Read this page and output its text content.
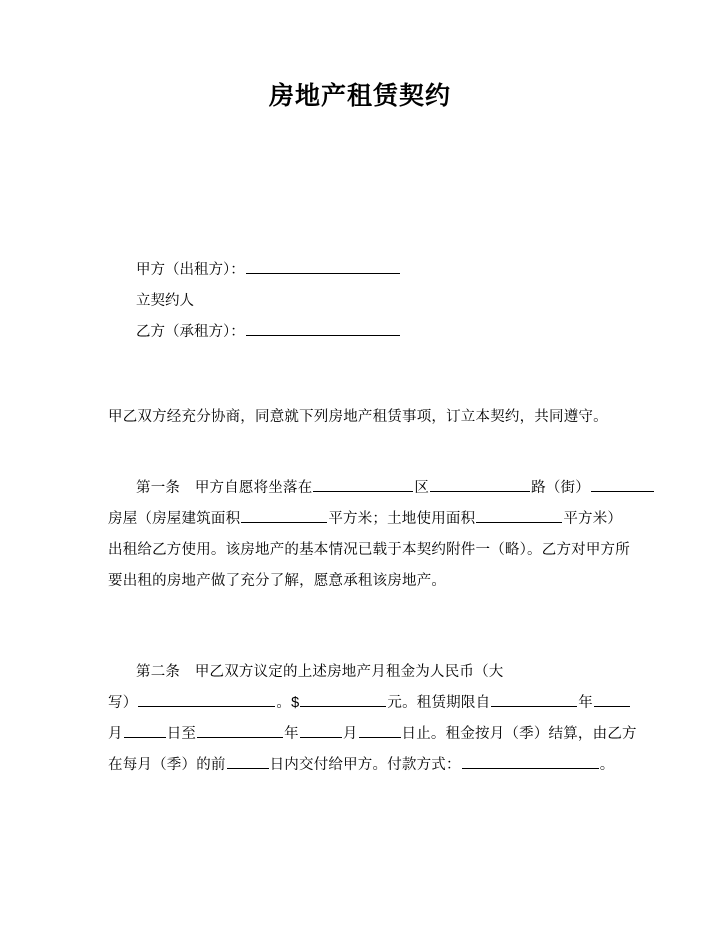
房地产租赁契约
甲方（出租方）：
立契约人
乙方（承租方）：
甲乙双方经充分协商，同意就下列房地产租赁事项，订立本契约，共同遵守。
第一条　 甲方自愿将坐落在	区	路（街）
房屋（房屋建筑面积	平方米；土地使用面积	平方米）
出租给乙方使用。该房地产的基本情况已载于本契约附件一（略）。乙方对甲方所
要出租的房地产做了充分了解，愿意承租该房地产。
第二条　 甲乙双方议定的上述房地产月租金为人民币（大
写）	。$	元。租赁期限自	年
月	日至	年	月	日止。租金按月（季）结算，由乙方
在每月（季）的前	日内交付给甲方。付款方式：	。
